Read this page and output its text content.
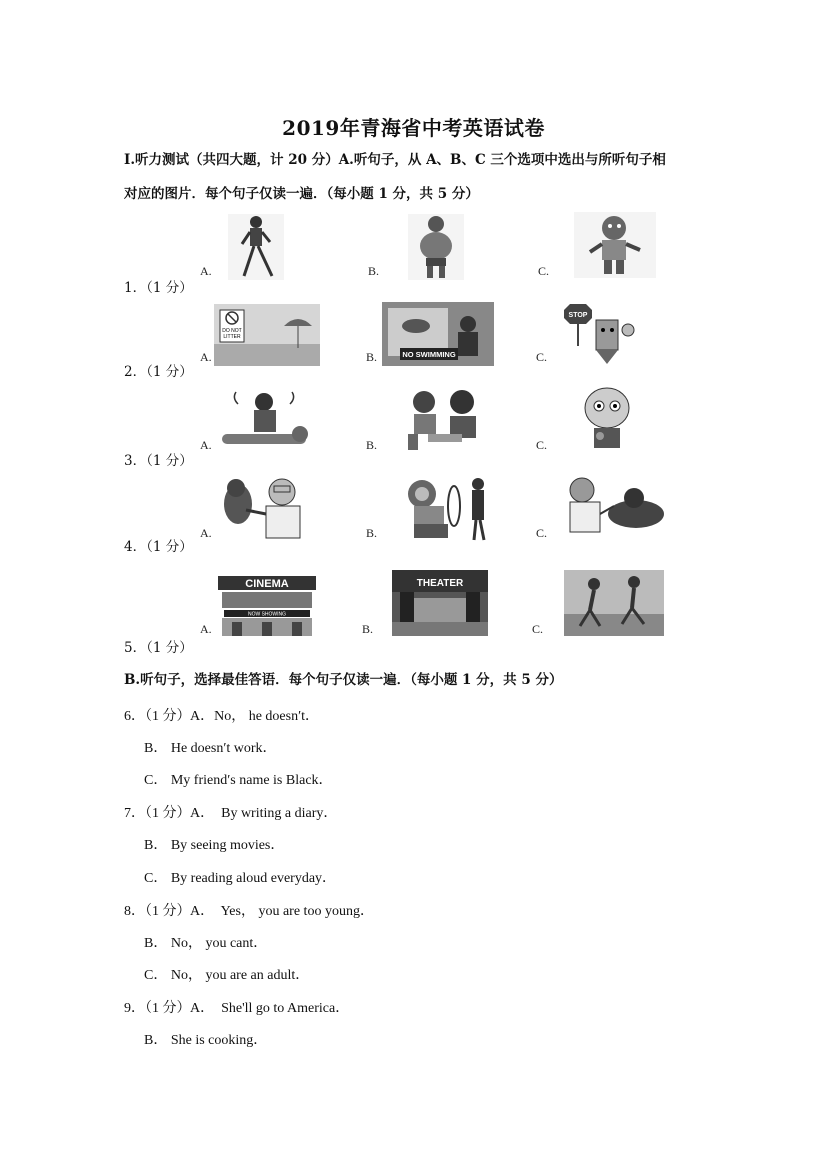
2019年青海省中考英语试卷
Ⅰ.听力测试（共四大题，计 20 分）A.听句子，从 A、B、C 三个选项中选出与所听句子相
对应的图片．每个句子仅读一遍．（每小题 1 分，共 5 分）
1．（1 分）
A.	B.	C.
2．（1 分）
A.
DO NOT
LITTER
B.	NO SWIMMING	C.
STOP
3．（1 分）
A.	B.	C.
4．（1 分）
A.	B.	C.
5．（1 分）
A.
CINEMA
NOW SHOWING
B.
THEATER
C.
B.听句子，选择最佳答语．每个句子仅读一遍．（每小题 1 分，共 5 分）
6．（1 分） A．No， he doesn′t．
B． He doesn′t work．
C． My friend′s name is Black．
7．（1 分） A．  By writing a diary．
B． By seeing movies．
C． By reading aloud everyday．
8．（1 分） A．  Yes， you are too young．
B． No， you cant．
C． No， you are an adult．
9．（1 分） A．  She'll go to America．
B． She is cooking．
